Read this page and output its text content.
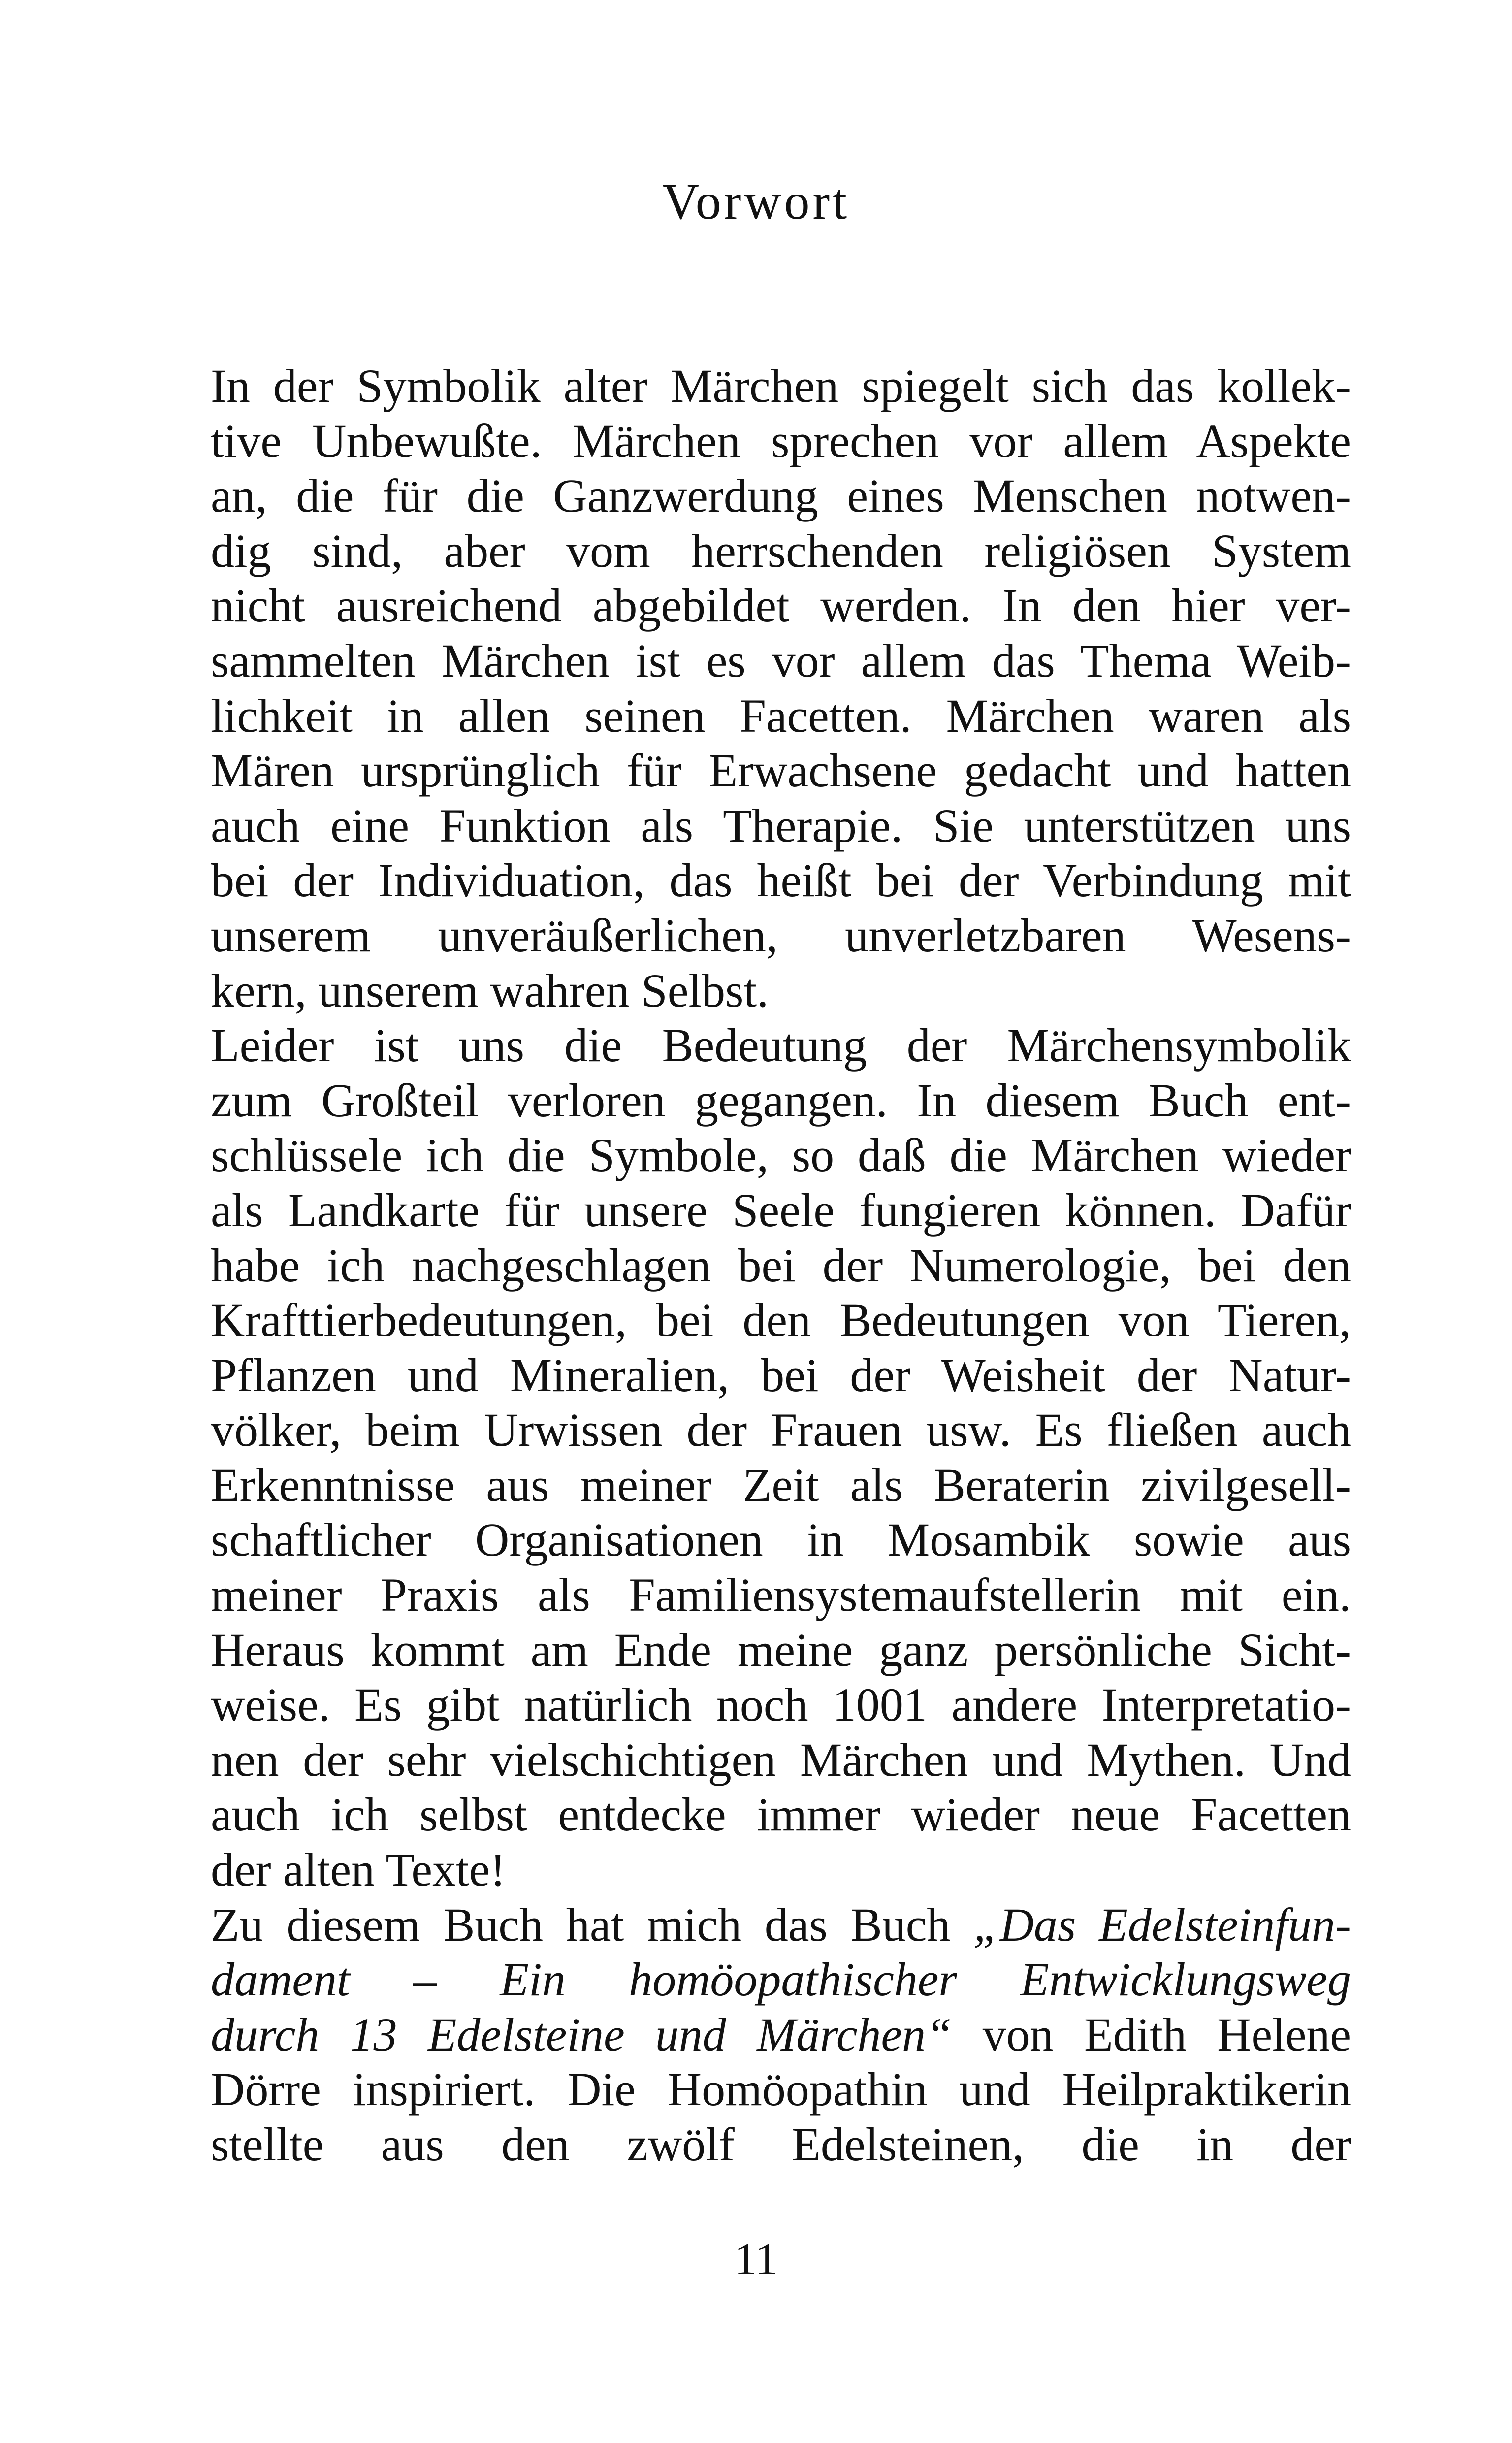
Vorwort
In der Symbolik alter Märchen spiegelt sich das kollek-
tive Unbewußte. Märchen sprechen vor allem Aspekte
an, die für die Ganzwerdung eines Menschen notwen-
dig sind, aber vom herrschenden religiösen System
nicht ausreichend abgebildet werden. In den hier ver-
sammelten Märchen ist es vor allem das Thema Weib-
lichkeit in allen seinen Facetten. Märchen waren als
Mären ursprünglich für Erwachsene gedacht und hatten
auch eine Funktion als Therapie. Sie unterstützen uns
bei der Individuation, das heißt bei der Verbindung mit
unserem unveräußerlichen, unverletzbaren Wesens-
kern, unserem wahren Selbst.
Leider ist uns die Bedeutung der Märchensymbolik
zum Großteil verloren gegangen. In diesem Buch ent-
schlüssele ich die Symbole, so daß die Märchen wieder
als Landkarte für unsere Seele fungieren können. Dafür
habe ich nachgeschlagen bei der Numerologie, bei den
Krafttierbedeutungen, bei den Bedeutungen von Tieren,
Pflanzen und Mineralien, bei der Weisheit der Natur-
völker, beim Urwissen der Frauen usw. Es fließen auch
Erkenntnisse aus meiner Zeit als Beraterin zivilgesell-
schaftlicher Organisationen in Mosambik sowie aus
meiner Praxis als Familiensystemaufstellerin mit ein.
Heraus kommt am Ende meine ganz persönliche Sicht-
weise. Es gibt natürlich noch 1001 andere Interpretatio-
nen der sehr vielschichtigen Märchen und Mythen. Und
auch ich selbst entdecke immer wieder neue Facetten
der alten Texte!
Zu diesem Buch hat mich das Buch „Das Edelsteinfun-
dament – Ein homöopathischer Entwicklungsweg
durch 13 Edelsteine und Märchen“ von Edith Helene
Dörre inspiriert. Die Homöopathin und Heilpraktikerin
stellte aus den zwölf Edelsteinen, die in der
11
